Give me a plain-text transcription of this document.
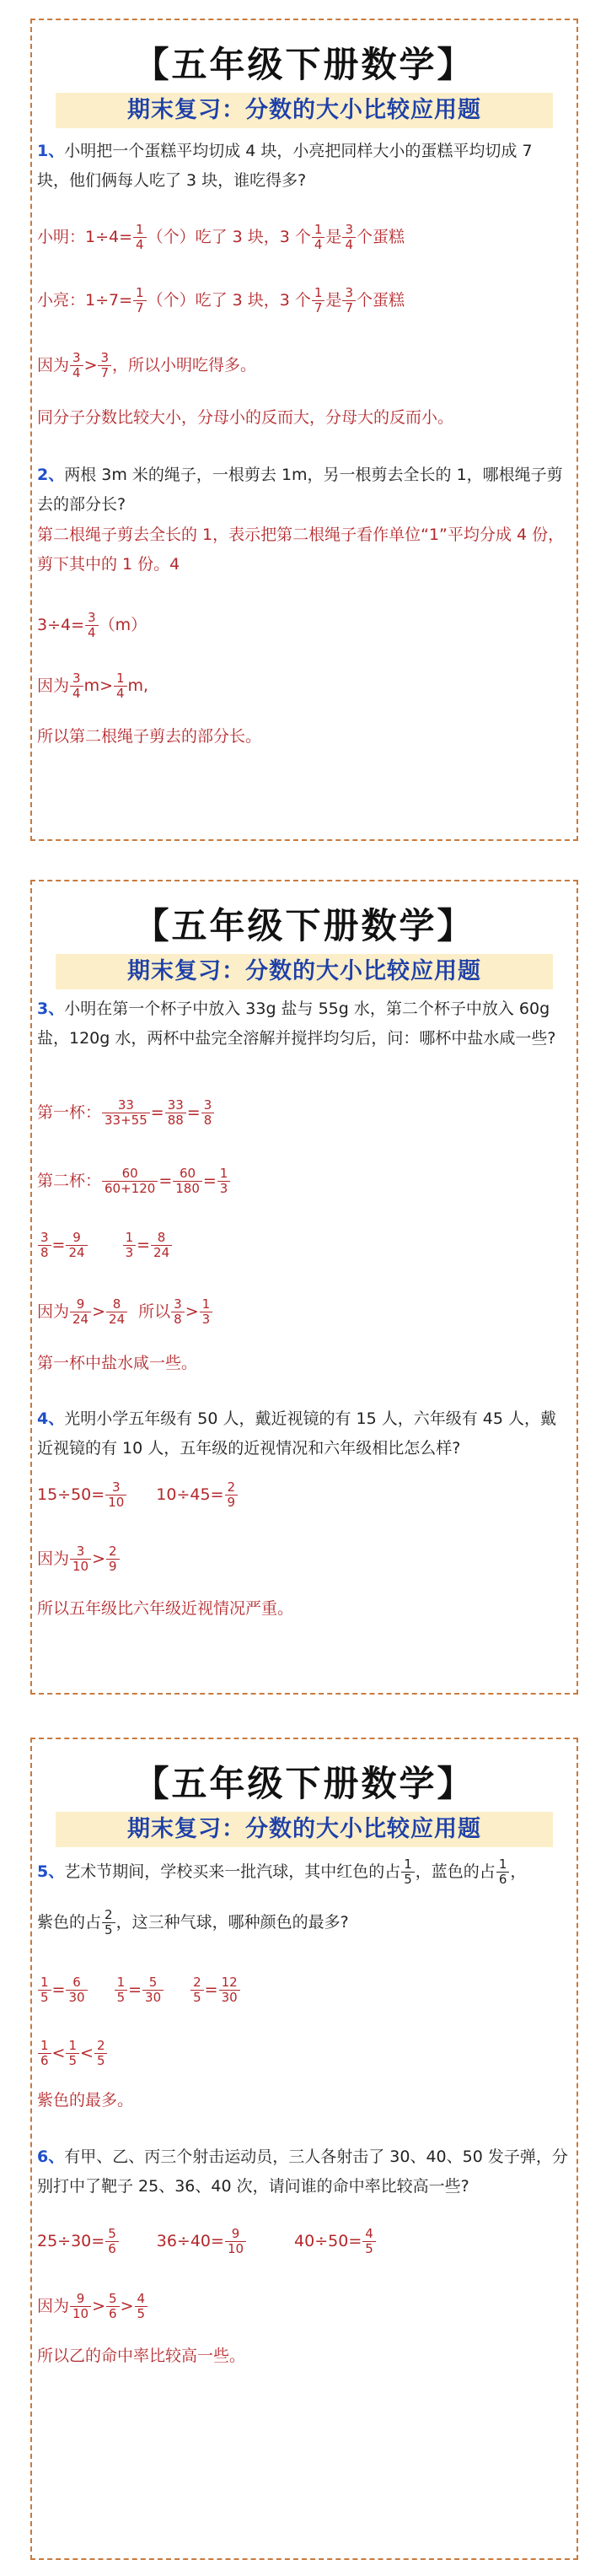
【五年级下册数学】
期末复习：分数的大小比较应用题
1、小明把一个蛋糕平均切成 4 块，小亮把同样大小的蛋糕平均切成 7 块，他们俩每人吃了 3 块，谁吃得多?
小明：$1\div 4= \frac{1}{4}$ （个）吃了 3 块，3 个 $\frac{1}{4}$ 是 $\frac{3}{4}$ 个蛋糕
小亮：$1\div 7= \frac{1}{7}$ （个）吃了 3 块，3 个 $\frac{1}{7}$ 是 $\frac{3}{7}$ 个蛋糕
因为 $\frac{3}{4} > \frac{3}{7}$ ，所以小明吃得多。
同分子分数比较大小，分母小的反而大，分母大的反而小。
2、两根 3m 米的绳子，一根剪去 1m，另一根剪去全长的 1，哪根绳子剪去的部分长?
第二根绳子剪去全长的 1，表示把第二根绳子看作单位“1”平均分成 4 份，剪下其中的 1 份。4
$3\div 4= \frac{3}{4} (m)$
因为 $\frac{3}{4} m> \frac{1}{4} m$,
所以第二根绳子剪去的部分长。
【五年级下册数学】
期末复习：分数的大小比较应用题
3、小明在第一个杯子中放入 33g 盐与 55g 水，第二个杯子中放入 60g 盐，120g 水，两杯中盐完全溶解并搅拌均匀后，问：哪杯中盐水咸一些?
第一杯： $\frac{33}{33+55} = \frac{33}{88} = \frac{3}{8}$
第二杯： $\frac{60}{60+120} = \frac{60}{180} = \frac{1}{3}$
$\frac{3}{8} = \frac{9}{24}$	$\frac{1}{3} = \frac{8}{24}$
因为 $\frac{9}{24} > \frac{8}{24}$ 所以 $\frac{3}{8} > \frac{1}{3}$
第一杯中盐水咸一些。
4、光明小学五年级有 50 人，戴近视镜的有 15 人，六年级有 45 人，戴近视镜的有 10 人，五年级的近视情况和六年级相比怎么样?
$15\div 50= \frac{3}{10} 10\div 45= \frac{2}{9}$
因为 $\frac{3}{10} > \frac{2}{9}$
所以五年级比六年级近视情况严重。
【五年级下册数学】
期末复习：分数的大小比较应用题
5、艺术节期间，学校买来一批汽球，其中红色的占 $\frac{1}{5}$ ，蓝色的占 $\frac{1}{6}$ ，
紫色的占 $\frac{2}{5}$ ，这三种气球，哪种颜色的最多?
$\frac{1}{5} = \frac{6}{30} \frac{1}{5} = \frac{5}{30} \frac{2}{5} = \frac{12}{30}$
$\frac{1}{6} < \frac{1}{5} < \frac{2}{5}$
紫色的最多。
6、有甲、乙、丙三个射击运动员，三人各射击了 30、40、50 发子弹，分别打中了靶子 25、36、40 次，请问谁的命中率比较高一些?
$25\div 30= \frac{5}{6} 36\div 40= \frac{9}{10}$	$40\div 50= \frac{4}{5}$
因为 $\frac{9}{10} > \frac{5}{6} > \frac{4}{5}$
所以乙的命中率比较高一些。
